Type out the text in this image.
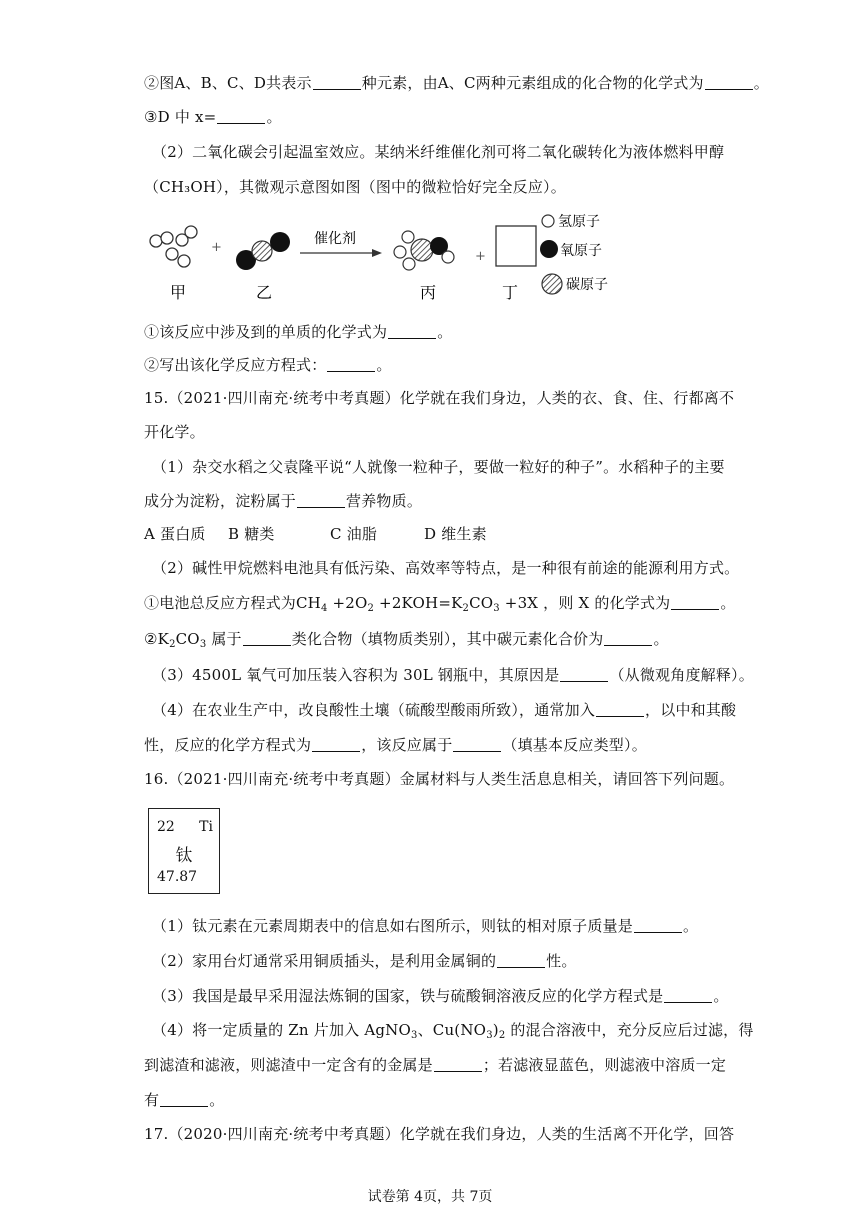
②图A、B、C、D共表示	种元素，由A、C两种元素组成的化合物的化学式为	。
③D 中 x=	。
（2）二氧化碳会引起温室效应。某纳米纤维催化剂可将二氧化碳转化为液体燃料甲醇
（CH₃OH），其微观示意图如图（图中的微粒恰好完全反应）。
+
催化剂
+
甲	乙	丙	丁
氢原子
氧原子
碳原子
①该反应中涉及到的单质的化学式为	。
②写出该化学反应方程式：	。
15.（2021·四川南充·统考中考真题）化学就在我们身边，人类的衣、食、住、行都离不
开化学。
（1）杂交水稻之父袁隆平说“人就像一粒种子，要做一粒好的种子”。水稻种子的主要
成分为淀粉，淀粉属于	营养物质。
A 蛋白质 B 糖类	C 油脂	D 维生素
（2）碱性甲烷燃料电池具有低污染、高效率等特点，是一种很有前途的能源利用方式。
①电池总反应方程式为$CH_4 +2O_2 +2KOH=K_2CO_3 +3X$ ，则 X 的化学式为	。
$②K_2CO_3$ 属于	类化合物（填物质类别），其中碳元素化合价为	。
（3）4500L 氧气可加压装入容积为 30L 钢瓶中，其原因是	（从微观角度解释）。
（4）在农业生产中，改良酸性土壤（硫酸型酸雨所致），通常加入	，以中和其酸
性，反应的化学方程式为	，该反应属于	（填基本反应类型）。
16.（2021·四川南充·统考中考真题）金属材料与人类生活息息相关，请回答下列问题。
22 Ti
钛
47.87
（1）钛元素在元素周期表中的信息如右图所示，则钛的相对原子质量是	。
（2）家用台灯通常采用铜质插头，是利用金属铜的	性。
（3）我国是最早采用湿法炼铜的国家，铁与硫酸铜溶液反应的化学方程式是	。
（4）将一定质量的 Zn 片加入 AgNO$_3$、$Cu(NO_3)_2$ 的混合溶液中，充分反应后过滤，得
到滤渣和滤液，则滤渣中一定含有的金属是	；若滤液显蓝色，则滤液中溶质一定
有	。
17.（2020·四川南充·统考中考真题）化学就在我们身边，人类的生活离不开化学，回答
试卷第 4页，共 7页
